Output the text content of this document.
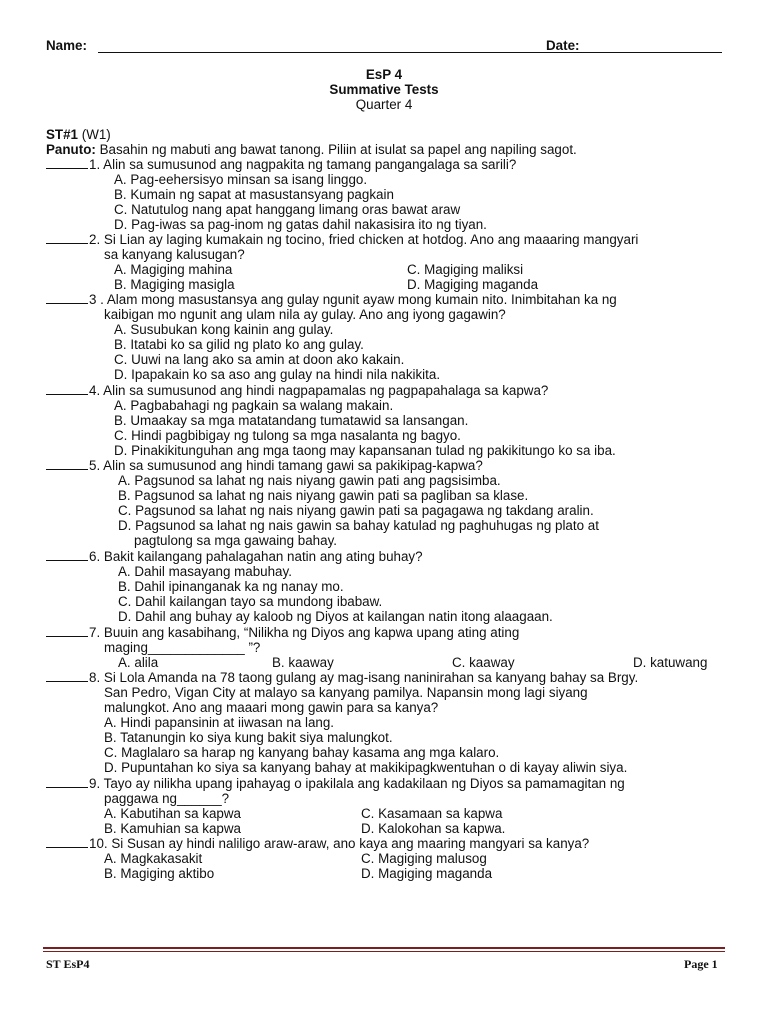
Name:	Date:
EsP 4
Summative Tests
Quarter 4
ST#1 (W1)
Panuto: Basahin ng mabuti ang bawat tanong. Piliin at isulat sa papel ang napiling sagot.
1. Alin sa sumusunod ang nagpakita ng tamang pangangalaga sa sarili?
A. Pag-eehersisyo minsan sa isang linggo.
B. Kumain ng sapat at masustansyang pagkain
C. Natutulog nang apat hanggang limang oras bawat araw
D. Pag-iwas sa pag-inom ng gatas dahil nakasisira ito ng tiyan.
2. Si Lian ay laging kumakain ng tocino, fried chicken at hotdog. Ano ang maaaring mangyari
sa kanyang kalusugan?
A. Magiging mahina	C. Magiging maliksi
B. Magiging masigla	D. Magiging maganda
3 . Alam mong masustansya ang gulay ngunit ayaw mong kumain nito. Inimbitahan ka ng
kaibigan mo ngunit ang ulam nila ay gulay. Ano ang iyong gagawin?
A. Susubukan kong kainin ang gulay.
B. Itatabi ko sa gilid ng plato ko ang gulay.
C. Uuwi na lang ako sa amin at doon ako kakain.
D. Ipapakain ko sa aso ang gulay na hindi nila nakikita.
4. Alin sa sumusunod ang hindi nagpapamalas ng pagpapahalaga sa kapwa?
A. Pagbabahagi ng pagkain sa walang makain.
B. Umaakay sa mga matatandang tumatawid sa lansangan.
C. Hindi pagbibigay ng tulong sa mga nasalanta ng bagyo.
D. Pinakikitunguhan ang mga taong may kapansanan tulad ng pakikitungo ko sa iba.
5. Alin sa sumusunod ang hindi tamang gawi sa pakikipag-kapwa?
A. Pagsunod sa lahat ng nais niyang gawin pati ang pagsisimba.
B. Pagsunod sa lahat ng nais niyang gawin pati sa pagliban sa klase.
C. Pagsunod sa lahat ng nais niyang gawin pati sa pagagawa ng takdang aralin.
D. Pagsunod sa lahat ng nais gawin sa bahay katulad ng paghuhugas ng plato at
pagtulong sa mga gawaing bahay.
6. Bakit kailangang pahalagahan natin ang ating buhay?
A. Dahil masayang mabuhay.
B. Dahil ipinanganak ka ng nanay mo.
C. Dahil kailangan tayo sa mundong ibabaw.
D. Dahil ang buhay ay kaloob ng Diyos at kailangan natin itong alaagaan.
7. Buuin ang kasabihang, “Nilikha ng Diyos ang kapwa upang ating ating
maging_____________ ”?
A. alila	B. kaaway	C. kaaway	D. katuwang
8. Si Lola Amanda na 78 taong gulang ay mag-isang naninirahan sa kanyang bahay sa Brgy.
San Pedro, Vigan City at malayo sa kanyang pamilya. Napansin mong lagi siyang
malungkot. Ano ang maaari mong gawin para sa kanya?
A. Hindi papansinin at iiwasan na lang.
B. Tatanungin ko siya kung bakit siya malungkot.
C. Maglalaro sa harap ng kanyang bahay kasama ang mga kalaro.
D. Pupuntahan ko siya sa kanyang bahay at makikipagkwentuhan o di kayay aliwin siya.
9. Tayo ay nilikha upang ipahayag o ipakilala ang kadakilaan ng Diyos sa pamamagitan ng
paggawa ng______?
A. Kabutihan sa kapwa	C. Kasamaan sa kapwa
B. Kamuhian sa kapwa	D. Kalokohan sa kapwa.
10. Si Susan ay hindi naliligo araw-araw, ano kaya ang maaring mangyari sa kanya?
A. Magkakasakit	C. Magiging malusog
B. Magiging aktibo	D. Magiging maganda
ST EsP4	Page 1
